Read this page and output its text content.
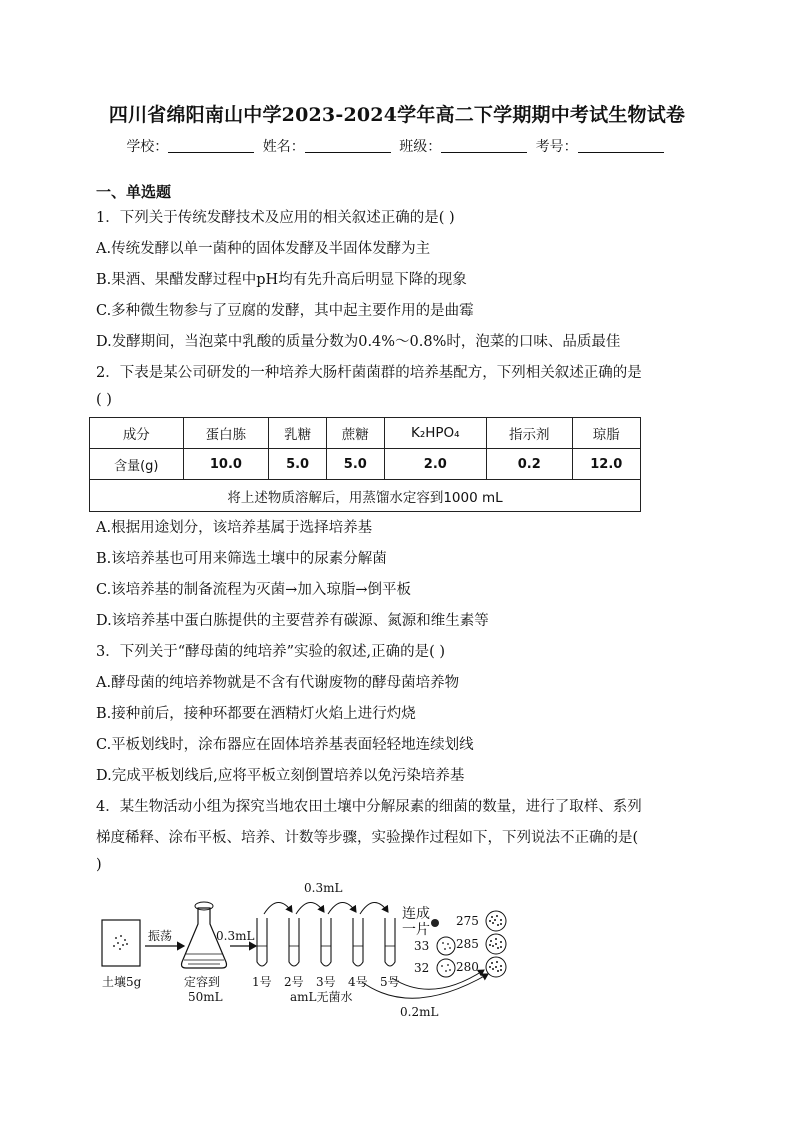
四川省绵阳南山中学2023-2024学年高二下学期期中考试生物试卷
学校：	姓名：	班级：	考号：
一、单选题
1．下列关于传统发酵技术及应用的相关叙述正确的是( )
A.传统发酵以单一菌种的固体发酵及半固体发酵为主
B.果酒、果醋发酵过程中pH均有先升高后明显下降的现象
C.多种微生物参与了豆腐的发酵，其中起主要作用的是曲霉
D.发酵期间，当泡菜中乳酸的质量分数为0.4%～0.8%时，泡菜的口味、品质最佳
2．下表是某公司研发的一种培养大肠杆菌菌群的培养基配方，下列相关叙述正确的是
( )
成分	蛋白胨	乳糖	蔗糖	K₂HPO₄	指示剂	琼脂
含量(g)	10.0	5.0	5.0	2.0	0.2	12.0
将上述物质溶解后，用蒸馏水定容到1000 mL						
A.根据用途划分，该培养基属于选择培养基
B.该培养基也可用来筛选土壤中的尿素分解菌
C.该培养基的制备流程为灭菌→加入琼脂→倒平板
D.该培养基中蛋白胨提供的主要营养有碳源、氮源和维生素等
3．下列关于“酵母菌的纯培养”实验的叙述,正确的是( )
A.酵母菌的纯培养物就是不含有代谢废物的酵母菌培养物
B.接种前后，接种环都要在酒精灯火焰上进行灼烧
C.平板划线时，涂布器应在固体培养基表面轻轻地连续划线
D.完成平板划线后,应将平板立刻倒置培养以免污染培养基
4．某生物活动小组为探究当地农田土壤中分解尿素的细菌的数量，进行了取样、系列
梯度稀释、涂布平板、培养、计数等步骤，实验操作过程如下，下列说法不正确的是(
)
土壤5g
振荡
定容到
50mL
0.3mL
0.3mL
1号 2号 3号 4号 5号
amL无菌水
0.2mL
连成
一片
33
32
275
285
280
